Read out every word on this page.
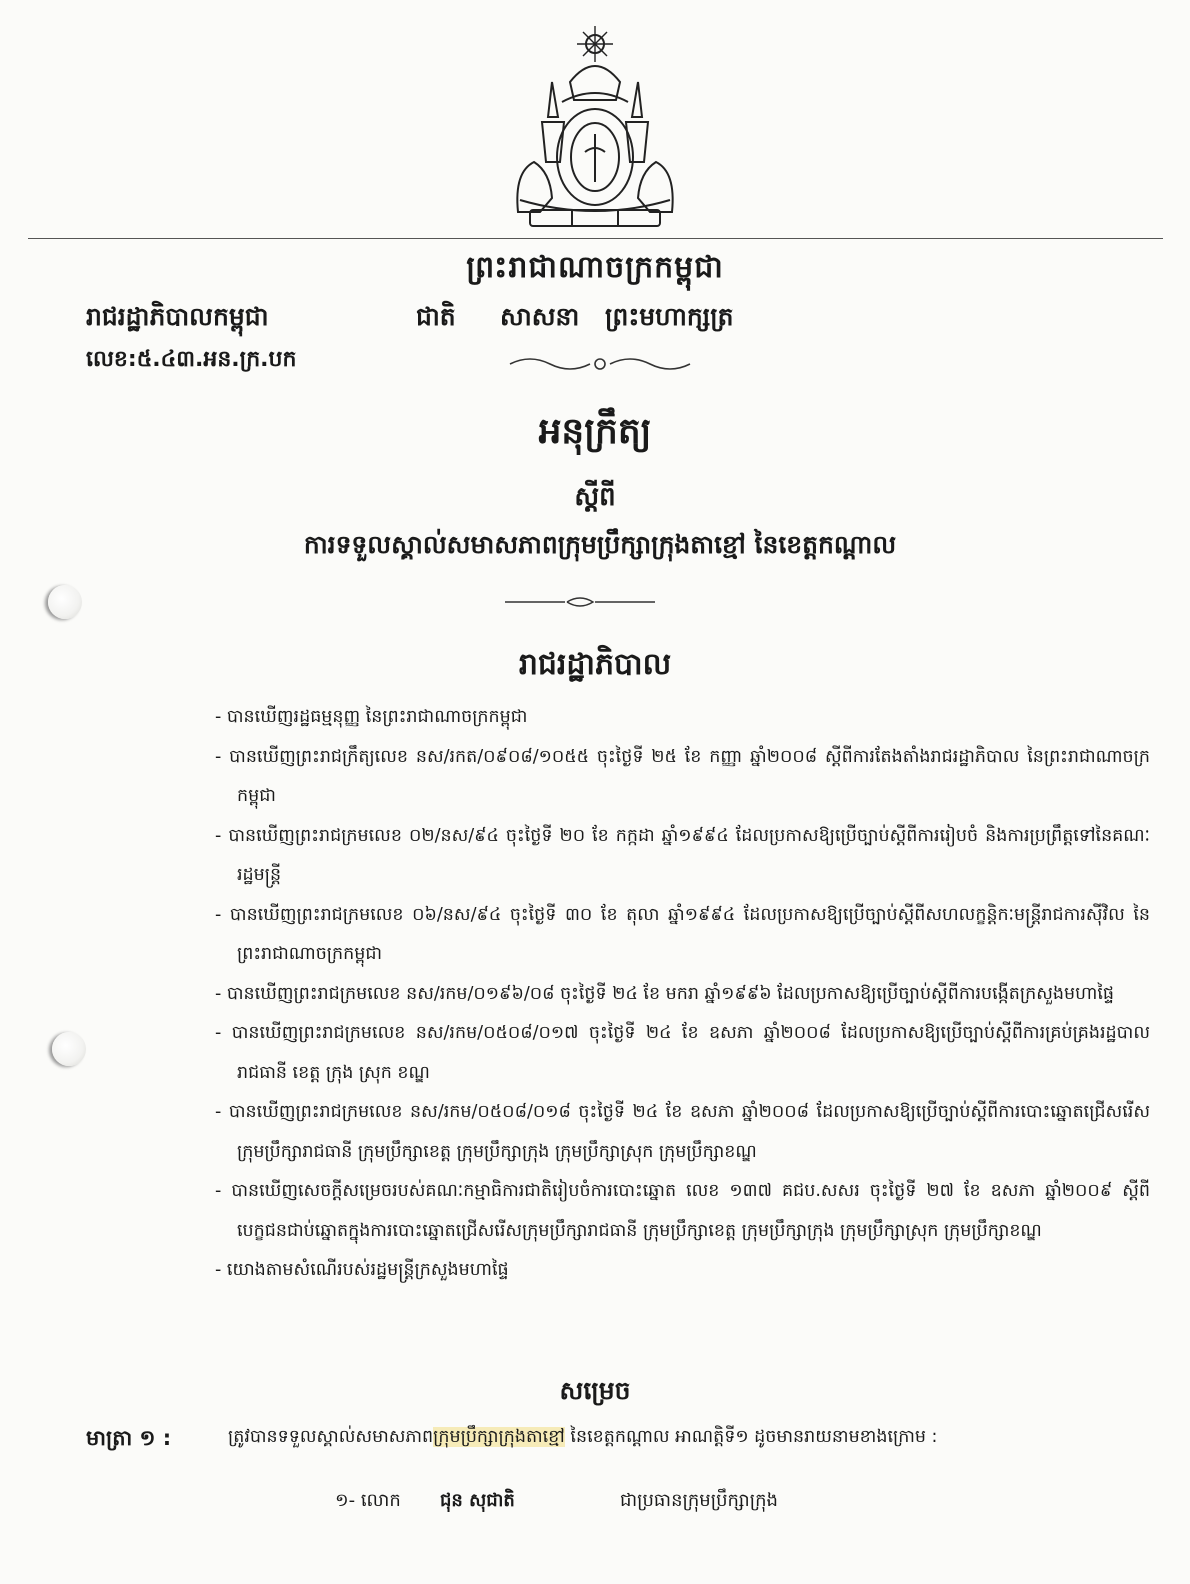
ព្រះរាជាណាចក្រកម្ពុជា
រាជរដ្ឋាភិបាលកម្ពុជា	ជាតិ សាសនា ព្រះមហាក្សត្រ
លេខ:៥.៤៣.អន.ក្រ.បក
អនុក្រឹត្យ
ស្តីពី
ការទទួលស្គាល់សមាសភាពក្រុមប្រឹក្សាក្រុងតាខ្មៅ នៃខេត្តកណ្តាល
រាជរដ្ឋាភិបាល
- បានឃើញរដ្ឋធម្មនុញ្ញ នៃព្រះរាជាណាចក្រកម្ពុជា
- បានឃើញព្រះរាជក្រឹត្យលេខ នស/រកត/០៩០៨/១០៥៥ ចុះថ្ងៃទី ២៥ ខែ កញ្ញា ឆ្នាំ២០០៨ ស្តីពីការតែងតាំងរាជរដ្ឋាភិបាល នៃព្រះរាជាណាចក្រកម្ពុជា
- បានឃើញព្រះរាជក្រមលេខ ០២/នស/៩៤ ចុះថ្ងៃទី ២០ ខែ កក្កដា ឆ្នាំ១៩៩៤ ដែលប្រកាសឱ្យប្រើច្បាប់ស្តីពីការរៀបចំ និងការប្រព្រឹត្តទៅនៃគណៈរដ្ឋមន្ត្រី
- បានឃើញព្រះរាជក្រមលេខ ០៦/នស/៩៤ ចុះថ្ងៃទី ៣០ ខែ តុលា ឆ្នាំ១៩៩៤ ដែលប្រកាសឱ្យប្រើច្បាប់ស្តីពីសហលក្ខន្តិកៈមន្ត្រីរាជការស៊ីវិល នៃព្រះរាជាណាចក្រកម្ពុជា
- បានឃើញព្រះរាជក្រមលេខ នស/រកម/០១៩៦/០៨ ចុះថ្ងៃទី ២៤ ខែ មករា ឆ្នាំ១៩៩៦ ដែលប្រកាសឱ្យប្រើច្បាប់ស្តីពីការបង្កើតក្រសួងមហាផ្ទៃ
- បានឃើញព្រះរាជក្រមលេខ នស/រកម/០៥០៨/០១៧ ចុះថ្ងៃទី ២៤ ខែ ឧសភា ឆ្នាំ២០០៨ ដែលប្រកាសឱ្យប្រើច្បាប់ស្តីពីការគ្រប់គ្រងរដ្ឋបាលរាជធានី ខេត្ត ក្រុង ស្រុក ខណ្ឌ
- បានឃើញព្រះរាជក្រមលេខ នស/រកម/០៥០៨/០១៨ ចុះថ្ងៃទី ២៤ ខែ ឧសភា ឆ្នាំ២០០៨ ដែលប្រកាសឱ្យប្រើច្បាប់ស្តីពីការបោះឆ្នោតជ្រើសរើសក្រុមប្រឹក្សារាជធានី ក្រុមប្រឹក្សាខេត្ត ក្រុមប្រឹក្សាក្រុង ក្រុមប្រឹក្សាស្រុក ក្រុមប្រឹក្សាខណ្ឌ
- បានឃើញសេចក្តីសម្រេចរបស់គណៈកម្មាធិការជាតិរៀបចំការបោះឆ្នោត លេខ ១៣៧ គជប.សសរ ចុះថ្ងៃទី ២៧ ខែ ឧសភា ឆ្នាំ២០០៩ ស្តីពីបេក្ខជនជាប់ឆ្នោតក្នុងការបោះឆ្នោតជ្រើសរើសក្រុមប្រឹក្សារាជធានី ក្រុមប្រឹក្សាខេត្ត ក្រុមប្រឹក្សាក្រុង ក្រុមប្រឹក្សាស្រុក ក្រុមប្រឹក្សាខណ្ឌ
- យោងតាមសំណើរបស់រដ្ឋមន្ត្រីក្រសួងមហាផ្ទៃ
សម្រេច
មាត្រា ១ :	ត្រូវបានទទួលស្គាល់សមាសភាពក្រុមប្រឹក្សាក្រុងតាខ្មៅ នៃខេត្តកណ្តាល អាណត្តិទី១ ដូចមានរាយនាមខាងក្រោម :
១- លោក ជុន សុជាតិ	ជាប្រធានក្រុមប្រឹក្សាក្រុង
